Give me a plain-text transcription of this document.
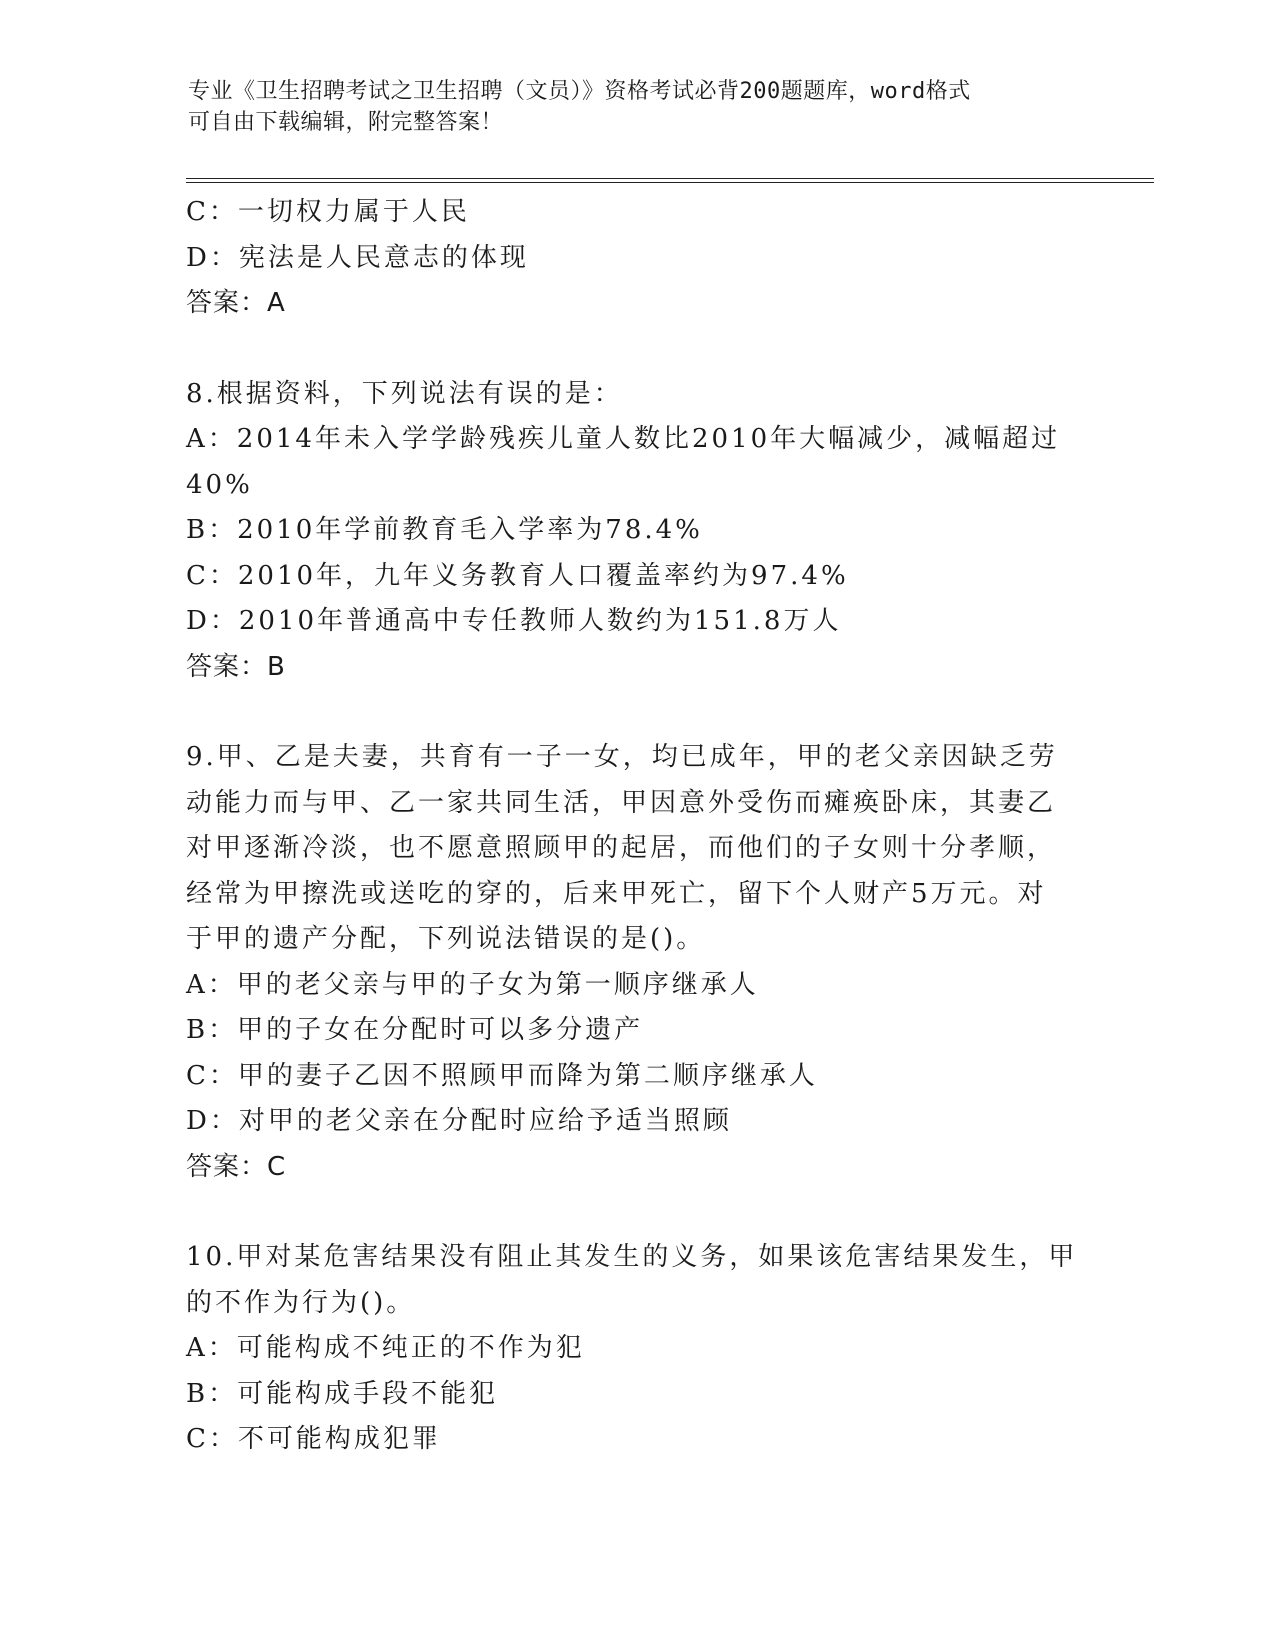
专业《卫生招聘考试之卫生招聘（文员）》资格考试必背200题题库，word格式
可自由下载编辑，附完整答案！
C：一切权力属于人民
D：宪法是人民意志的体现
答案：A
8.根据资料，下列说法有误的是：
A：2014年未入学学龄残疾儿童人数比2010年大幅减少，减幅超过
40%
B：2010年学前教育毛入学率为78.4%
C：2010年，九年义务教育人口覆盖率约为97.4%
D：2010年普通高中专任教师人数约为151.8万人
答案：B
9.甲、乙是夫妻，共育有一子一女，均已成年，甲的老父亲因缺乏劳
动能力而与甲、乙一家共同生活，甲因意外受伤而瘫痪卧床，其妻乙
对甲逐渐冷淡，也不愿意照顾甲的起居，而他们的子女则十分孝顺，
经常为甲擦洗或送吃的穿的，后来甲死亡，留下个人财产5万元。对
于甲的遗产分配，下列说法错误的是()。
A：甲的老父亲与甲的子女为第一顺序继承人
B：甲的子女在分配时可以多分遗产
C：甲的妻子乙因不照顾甲而降为第二顺序继承人
D：对甲的老父亲在分配时应给予适当照顾
答案：C
10.甲对某危害结果没有阻止其发生的义务，如果该危害结果发生，甲
的不作为行为()。
A：可能构成不纯正的不作为犯
B：可能构成手段不能犯
C：不可能构成犯罪
